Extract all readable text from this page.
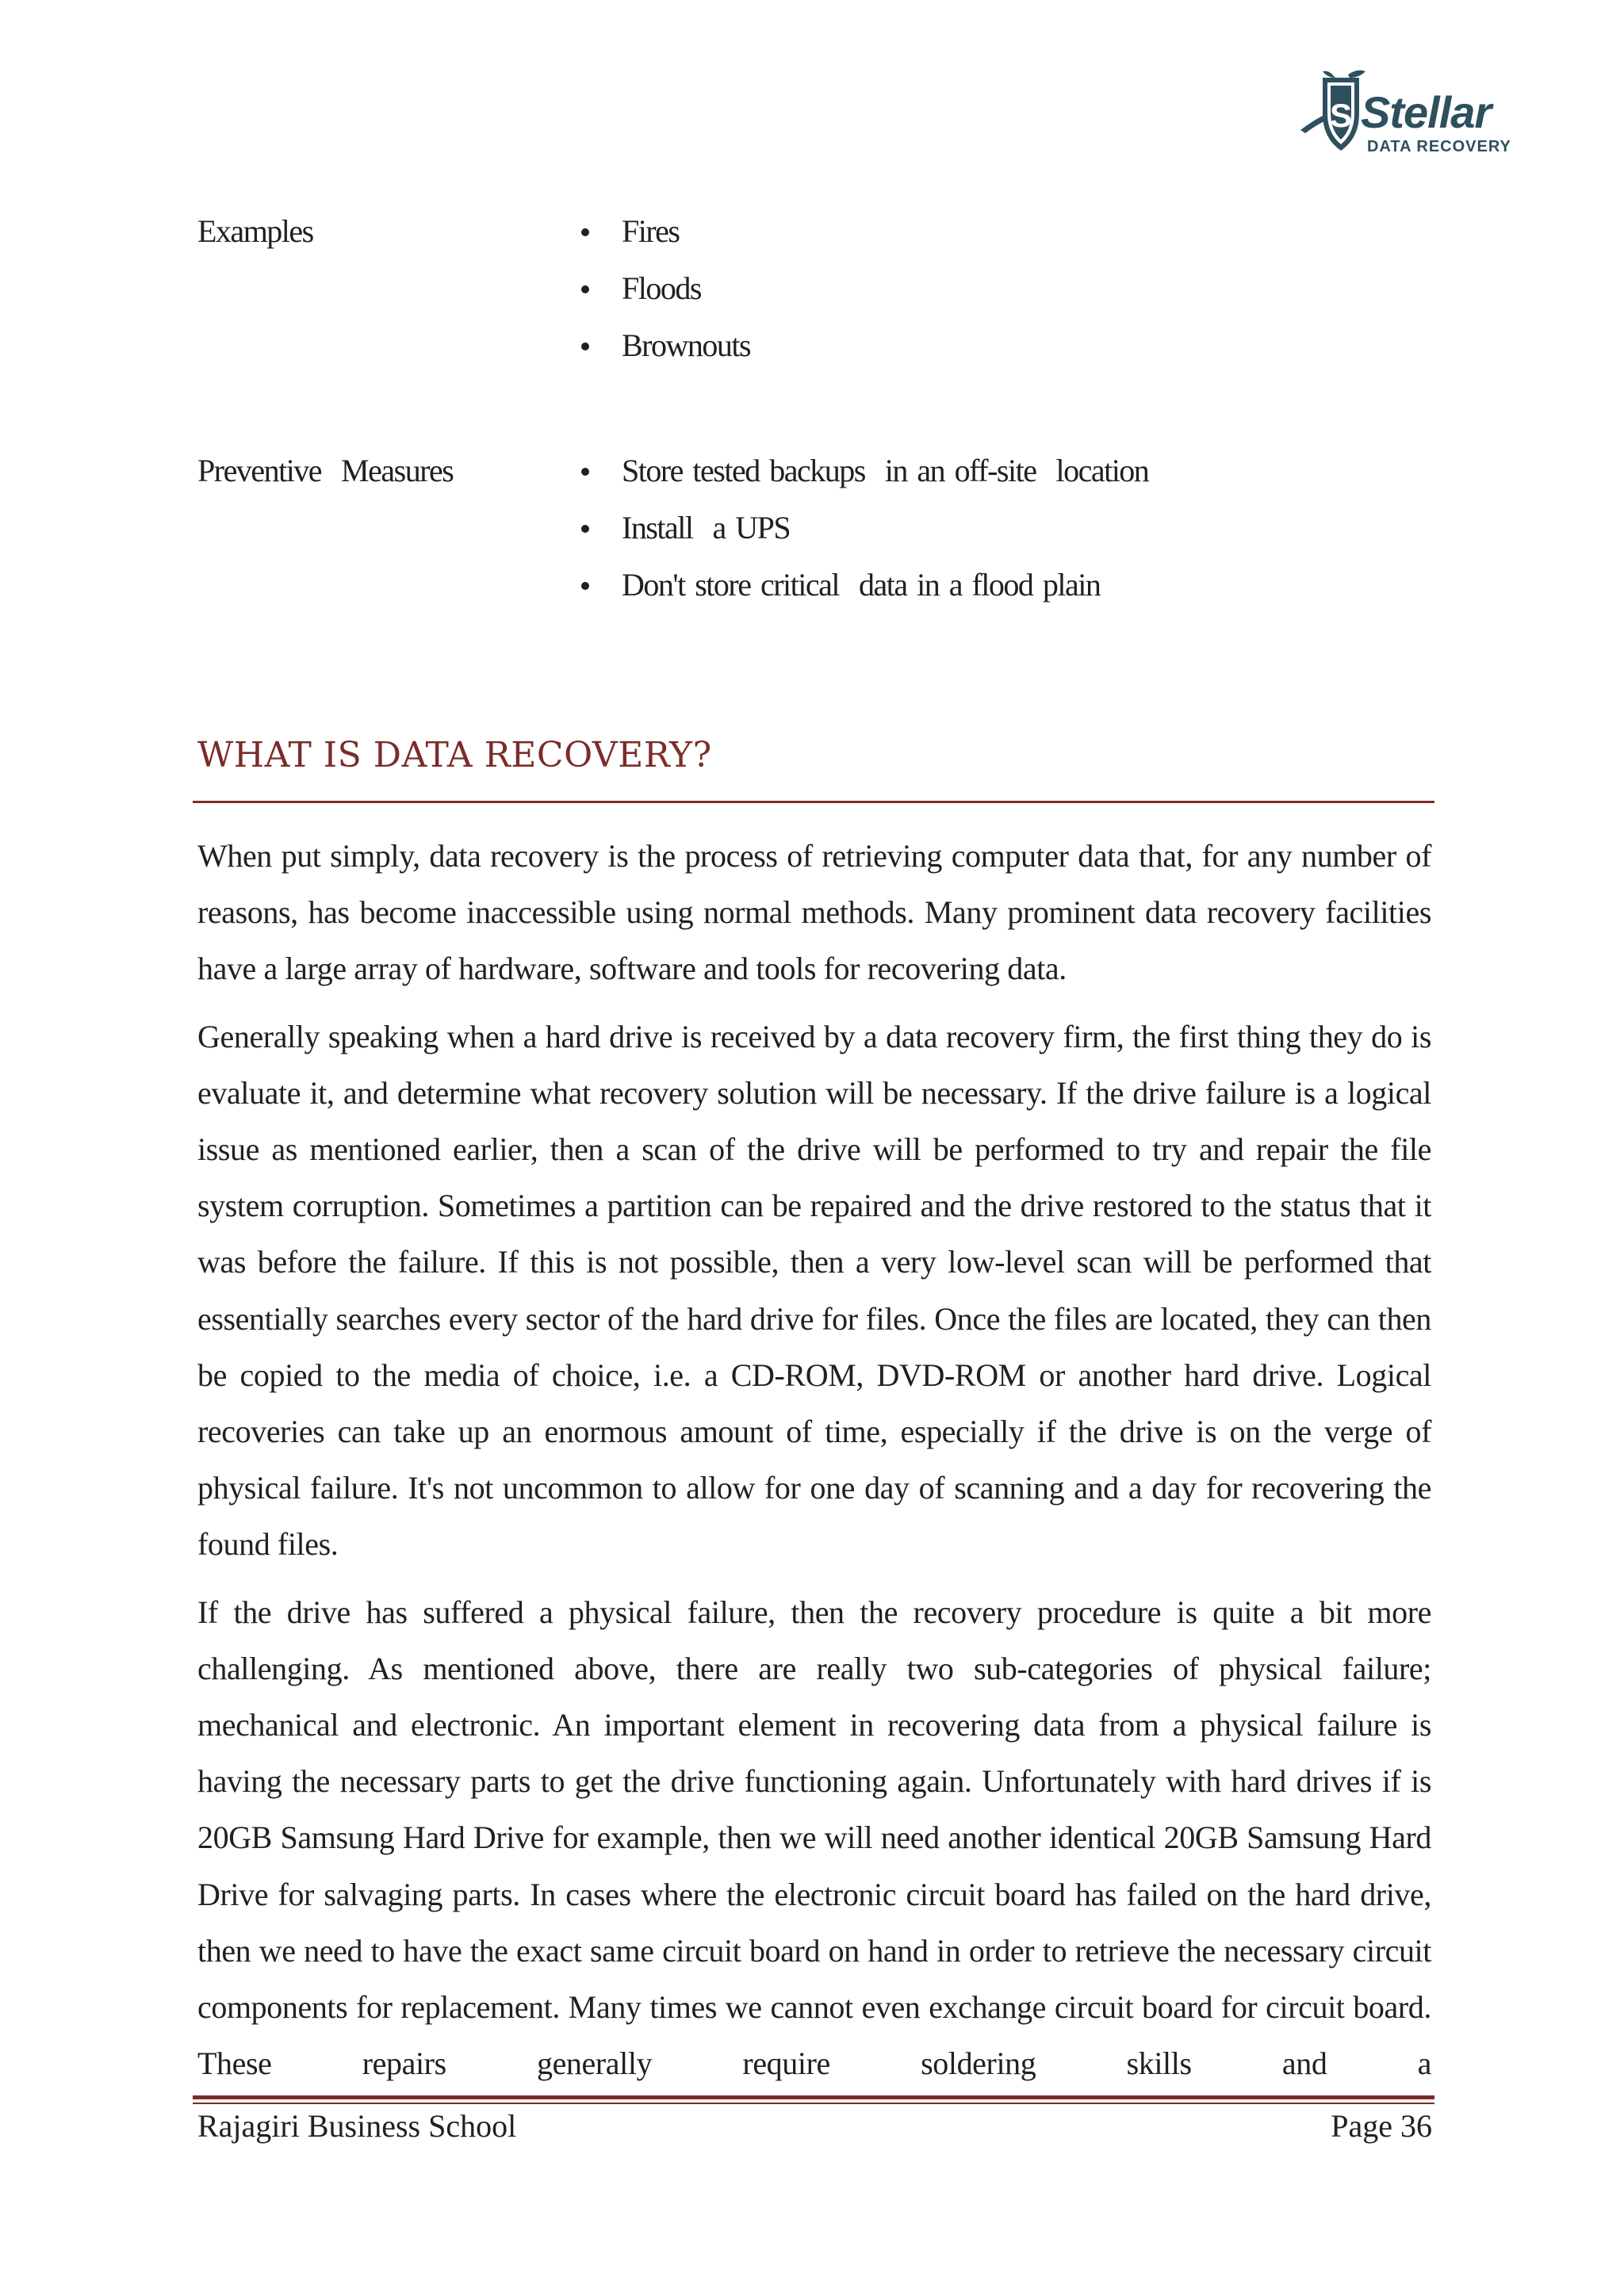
S Stellar
DATA RECOVERY
Examples	Fires
Floods
Brownouts
Preventive  Measures	Store tested backups  in an off-site  location
Install  a UPS
Don't store critical  data in a flood plain
WHAT IS DATA RECOVERY?

When put simply, data recovery is the process of retrieving computer data that, for any number of reasons, has become inaccessible using normal methods. Many prominent data recovery facilities have a large array of hardware, software and tools for recovering data.

Generally speaking when a hard drive is received by a data recovery firm, the first thing they do is evaluate it, and determine what recovery solution will be necessary. If the drive failure is a logical issue as mentioned earlier, then a scan of the drive will be performed to try and repair the file system corruption. Sometimes a partition can be repaired and the drive restored to the status that it was before the failure. If this is not possible, then a very low-level scan will be performed that essentially searches every sector of the hard drive for files. Once the files are located, they can then be copied to the media of choice, i.e. a CD-ROM, DVD-ROM or another hard drive. Logical recoveries can take up an enormous amount of time, especially if the drive is on the verge of physical failure. It's not uncommon to allow for one day of scanning and a day for recovering the found files.

If the drive has suffered a physical failure, then the recovery procedure is quite a bit more challenging. As mentioned above, there are really two sub-categories of physical failure; mechanical and electronic. An important element in recovering data from a physical failure is having the necessary parts to get the drive functioning again. Unfortunately with hard drives if is 20GB Samsung Hard Drive for example, then we will need another identical 20GB Samsung Hard Drive for salvaging parts. In cases where the electronic circuit board has failed on the hard drive, then we need to have the exact same circuit board on hand in order to retrieve the necessary circuit components for replacement. Many times we cannot even exchange circuit board for circuit board. These repairs generally require soldering skills and a

Rajagiri Business School	Page 36
